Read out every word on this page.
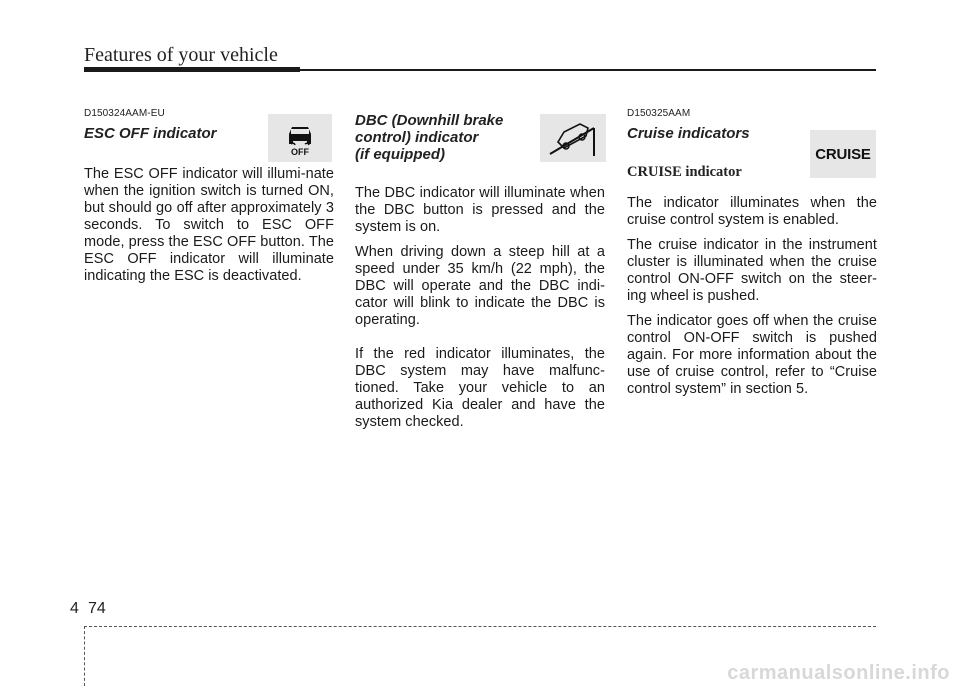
Features of your vehicle
D150324AAM-EU
ESC OFF indicator

The ESC OFF indicator will illumi-nate when the ignition switch is turned ON, but should go off after approximately 3 seconds. To switch to ESC OFF mode, press the ESC OFF button. The ESC OFF indicator will illuminate indicating the ESC is deactivated.

OFF
DBC (Downhill brake
control) indicator
(if equipped)

The DBC indicator will illuminate when the DBC button is pressed and the system is on.

When driving down a steep hill at a speed under 35 km/h (22 mph), the DBC will operate and the DBC indi-cator will blink to indicate the DBC is operating.

If the red indicator illuminates, the DBC system may have malfunc-tioned. Take your vehicle to an authorized Kia dealer and have the system checked.

D150325AAM
Cruise indicators
CRUISE indicator

The indicator illuminates when the cruise control system is enabled.

The cruise indicator in the instrument cluster is illuminated when the cruise control ON-OFF switch on the steer-ing wheel is pushed.

The indicator goes off when the cruise control ON-OFF switch is pushed again. For more information about the use of cruise control, refer to “Cruise control system” in section 5.

CRUISE
4 74
carmanualsonline.info
